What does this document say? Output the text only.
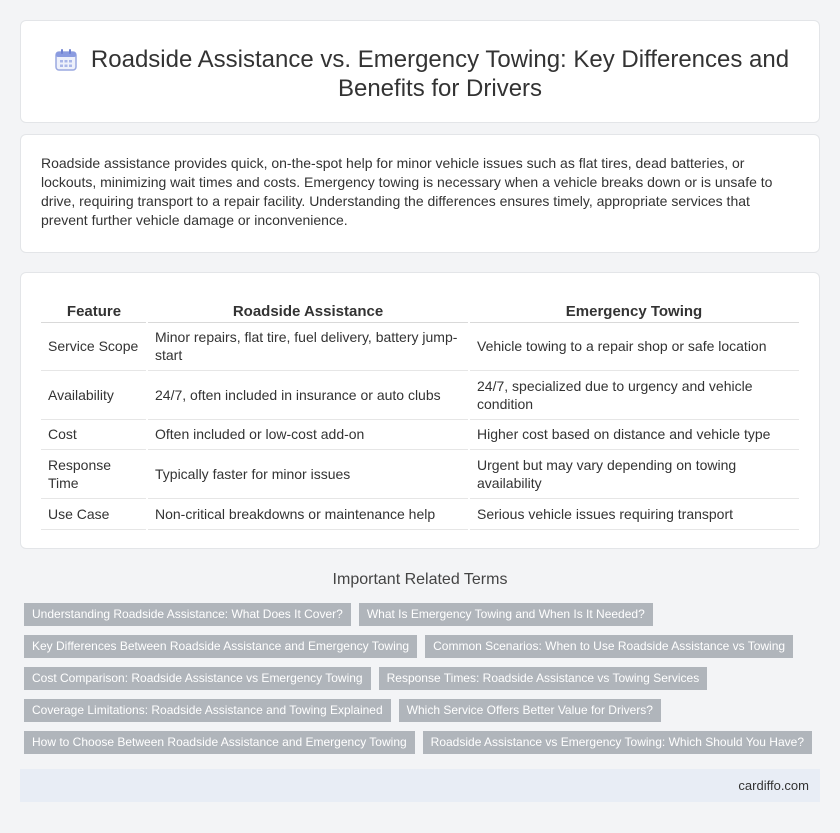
Roadside Assistance vs. Emergency Towing: Key Differences and Benefits for Drivers

Roadside assistance provides quick, on-the-spot help for minor vehicle issues such as flat tires, dead batteries, or lockouts, minimizing wait times and costs. Emergency towing is necessary when a vehicle breaks down or is unsafe to drive, requiring transport to a repair facility. Understanding the differences ensures timely, appropriate services that prevent further vehicle damage or inconvenience.

Feature	Roadside Assistance	Emergency Towing
Service Scope	Minor repairs, flat tire, fuel delivery, battery jump-start	Vehicle towing to a repair shop or safe location
Availability	24/7, often included in insurance or auto clubs	24/7, specialized due to urgency and vehicle condition
Cost	Often included or low-cost add-on	Higher cost based on distance and vehicle type
Response Time	Typically faster for minor issues	Urgent but may vary depending on towing availability
Use Case	Non-critical breakdowns or maintenance help	Serious vehicle issues requiring transport
Important Related Terms
Understanding Roadside Assistance: What Does It Cover?	What Is Emergency Towing and When Is It Needed?
Key Differences Between Roadside Assistance and Emergency Towing	Common Scenarios: When to Use Roadside Assistance vs Towing
Cost Comparison: Roadside Assistance vs Emergency Towing	Response Times: Roadside Assistance vs Towing Services
Coverage Limitations: Roadside Assistance and Towing Explained	Which Service Offers Better Value for Drivers?
How to Choose Between Roadside Assistance and Emergency Towing	Roadside Assistance vs Emergency Towing: Which Should You Have?
cardiffo.com
